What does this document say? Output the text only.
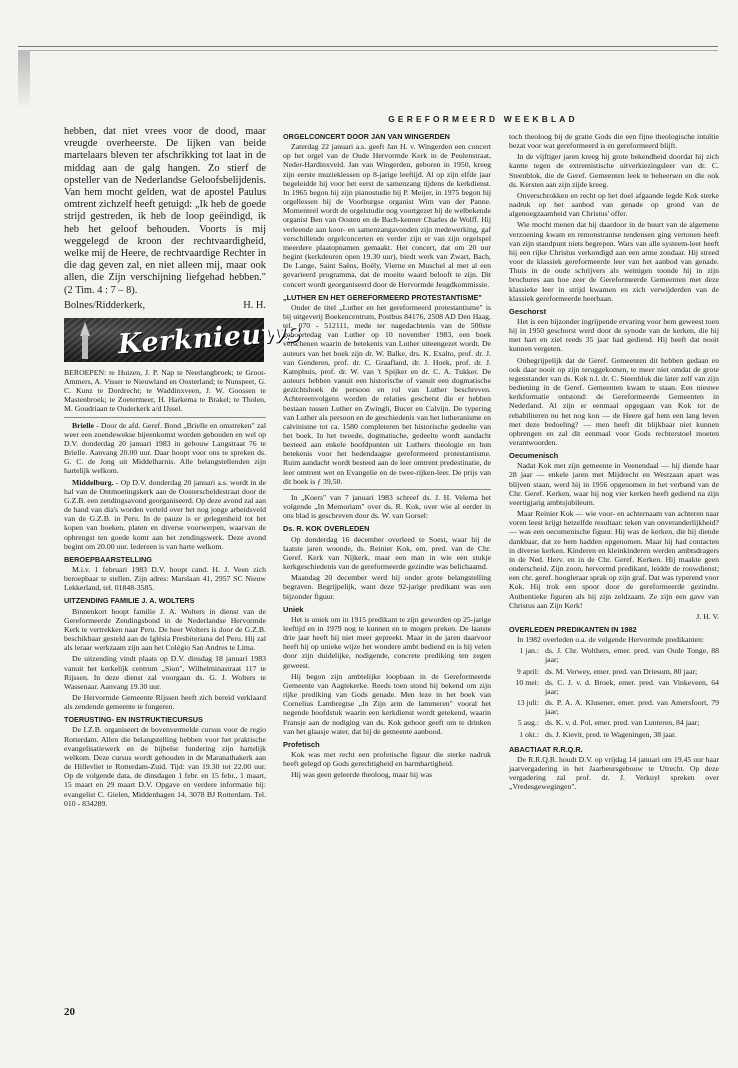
GEREFORMEERD WEEKBLAD

hebben, dat niet vrees voor de dood, maar vreugde overheerste. De lijken van beide martelaars bleven ter afschrikking tot laat in de middag aan de galg hangen. Zo stierf de opsteller van de Nederlandse Geloofsbelijdenis. Van hem mocht gelden, wat de apostel Paulus omtrent zichzelf heeft getuigd: „Ik heb de goede strijd gestreden, ik heb de loop geëindigd, ik heb het geloof behouden. Voorts is mij weggelegd de kroon der rechtvaardigheid, welke mij de Heere, de rechtvaardige Rechter in die dag geven zal, en niet alleen mij, maar ook allen, die Zijn verschijning liefgehad hebben." (2 Tim. 4 : 7 – 8).

Bolnes/Ridderkerk,	H. H.
Kerknieuws

BEROEPEN: te Huizen, J. P. Nap te Neerlangbroek; te Groot-Ammers, A. Visser te Nieuwland en Oosterland; te Nunspeet, G. C. Kunz te Dordrecht; te Waddinxveen, J. W. Goossen te Mastenbroek; te Zoetermeer, H. Harkema te Brakel; te Tholen, M. Goudriaan te Ouderkerk a/d IJssel.

Brielle - Door de afd. Geref. Bond „Brielle en omstreken" zal weer een zoendewekse bijeenkomst worden gehouden en wel op D.V. donderdag 20 januari 1983 in gebouw Langstraat 76 te Brielle. Aanvang 20.00 uur. Daar hoopt voor ons te spreken ds. G. C. de Jong uit Middelharnis. Alle belangstellenden zijn hartelijk welkom.

Middelburg. - Op D.V. donderdag 20 januari a.s. wordt in de hal van de Ontmoetingskerk aan de Oosterscheldestraat door de G.Z.B. een zendingsavond georganiseerd. Op deze avond zal aan de hand van dia's worden verteld over het nog jonge arbeidsveld van de G.Z.B. in Peru. In de pauze is er gelegenheid tot het kopen van boeken, platen en diverse voorwerpen, waarvan de opbrengst ten goede komt aan het zendingswerk. Deze avond begint om 20.00 uur. Iedereen is van harte welkom.

BEROEPBAARSTELLING

M.i.v. 1 februari 1983 D.V. hoopt cand. H. J. Veen zich beroepbaar te stellen. Zijn adres: Marslaan 41, 2957 SC Nieuw Lekkerland, tel. 01848-3585.

UITZENDING FAMILIE J. A. WOLTERS

Binnenkort hoopt familie J. A. Wolters in dienst van de Gereformeerde Zendingsbond in de Nederlandse Hervormde Kerk te vertrekken naar Peru. De heer Wolters is door de G.Z.B. beschikbaar gesteld aan de Iglésia Presbiteriana del Peru. Hij zal als leraar werkzaam zijn aan het Colégio San Andres te Lima.

De uitzending vindt plaats op D.V. dinsdag 18 januari 1983 vanuit het kerkelijk centrum „Sion", Wilhelminastraat 117 te Rijssen. In deze dienst zal voorgaan ds. G. J. Wolters te Wassenaar. Aanvang 19.30 uur.

De Hervormde Gemeente Rijssen heeft zich bereid verklaard als zendende gemeente te fungeren.

TOERUSTING- EN INSTRUKTIECURSUS

De I.Z.B. organiseert de bovenvermelde cursus voor de regio Rotterdam. Allen die belangstelling hebben voor het praktische evangelisatiewerk en de bijbelse fundering zijn hartelijk welkom. Deze cursus wordt gehouden in de Maranathakerk aan de Hillevliet te Rotterdam-Zuid. Tijd: van 19.30 tot 22.00 uur. Op de volgende data, de dinsdagen 1 febr. en 15 febr., 1 maart, 15 maart en 29 maart D.V. Opgave en verdere informatie bij: evangelist C. Gielen, Middenhagen 14, 3078 BJ Rotterdam. Tel. 010 - 834289.

ORGELCONCERT DOOR JAN VAN WINGERDEN

Zaterdag 22 januari a.s. geeft Jan H. v. Wingerden een concert op het orgel van de Oude Hervormde Kerk in de Peulenstraat, Neder-Hardinxveld. Jan van Wingerden, geboren in 1950, kreeg zijn eerste muzieklessen op 8-jarige leeftijd. Al op zijn elfde jaar begeleidde hij voor het eerst de samenzang tijdens de kerkdienst. In 1965 begon hij zijn pianostudie bij P. Meijer, in 1975 begon hij orgellessen bij de Voorburgse organist Wim van der Panne. Momenteel wordt de orgelstudie nog voortgezet bij de welbekende organist Ben van Oosten en de Bach-kenner Charles de Wolff. Hij verleende aan koor- en samenzangavonden zijn medewerking, gaf verschillende orgelconcerten en verder zijn er van zijn orgelspel meerdere plaatopnamen gemaakt. Het concert, dat om 20 uur begint (kerkdeuren open 19.30 uur), biedt werk van Zwart, Bach, De Lange, Saint Saëns, Boëly, Vierne en Muschel al met al een gevarieerd programma, dat de moeite waard belooft te zijn. Dit concert wordt georganiseerd door de Hervormde Jeugdkommissie.

„LUTHER EN HET GEREFORMEERD PROTESTANTISME"

Onder de titel „Luther en het gereformeerd protestantisme" is bij uitgeverij Boekencentrum, Postbus 84176, 2508 AD Den Haag, tel. 070 - 512111, mede ter nagedachtenis van de 500ste geboortedag van Luther op 10 november 1983, een boek verschenen waarin de betekenis van Luther uiteengezet wordt. De auteurs van het boek zijn dr. W. Balke, drs. K. Exalto, prof. dr. J. van Genderen, prof. dr. C. Graafland, dr. J. Hoek, prof. dr. J. Kamphuis, prof. dr. W. van 't Spijker en dr. C. A. Tukker. De auteurs hebben vanuit een historische of vanuit een dogmatische gezichtshoek de persoon en rol van Luther beschreven. Achtereenvolgens worden de relaties geschetst die er hebben bestaan tussen Luther en Zwingli, Bucer en Calvijn. De typering van Luther als persoon en de geschiedenis van het lutheranisme en calvinisme tot ca. 1580 completeren het historische gedeelte van het boek. In het tweede, dogmatische, gedeelte wordt aandacht besteed aan enkele hoofdpunten uit Luthers theologie en hun betekenis voor het hedendaagse gereformeerd protestantisme. Ruim aandacht wordt besteed aan de leer omtrent predestinatie, de leer omtrent wet en Evangelie en de twee-rijken-leer. De prijs van dit boek is ƒ 39,50.

In „Koers" van 7 januari 1983 schreef ds. J. H. Velema het volgende „In Memoriam" over ds. R. Kok, over wie al eerder in ons blad is geschreven door ds. W. van Gorsel:

Ds. R. KOK OVERLEDEN

Op donderdag 16 december overleed te Soest, waar hij de laatste jaren woonde, ds. Reinier Kok, em. pred. van de Chr. Geref. Kerk van Nijkerk, maar een man in wie een stukje kerkgeschiedenis van de gereformeerde gezindte was belichaamd.

Maandag 20 december werd hij onder grote belangstelling begraven. Begrijpelijk, want deze 92-jarige predikant was een bijzonder figuur.

Uniek

Het is uniek om in 1915 predikant te zijn geworden op 25-jarige leeftijd en in 1979 nog te kunnen en te mogen preken. De laatste drie jaar heeft hij niet meer gepreekt. Maar in de jaren daarvoor heeft hij op unieke wijze het wondere ambt bediend en is hij velen door zijn duidelijke, nodigende, concrete prediking ten zegen geweest.

Hij begon zijn ambtelijke loopbaan in de Gereformeerde Gemeente van Aagtekerke. Reeds toen stond hij bekend om zijn rijke prediking van Gods genade. Men leze in het boek van Cornelius Lambregtse „In Zijn arm de lammeren" vooral het negende hoofdstuk waarin een kerkdienst wordt getekend, waarin Fransje aan de nodiging van ds. Kok gehoor geeft om te drinken van het glaasje water, dat hij de gemeente aanbood.

Profetisch

Kok was met recht een profetische figuur die sterke nadruk heeft gelegd op Gods gerechtigheid en barmhartigheid.

Hij was geen geleerde theoloog, maar hij was

toch theoloog bij de gratie Gods die een fijne theologische intuïtie bezat voor wat gereformeerd is en gereformeerd blijft.

In de vijftiger jaren kreeg hij grote bekendheid doordat hij zich kantte tegen de extremistische uitverkiezingsleer van dr. C. Steenblok, die de Geref. Gemeenten leek te beheersen en die ook ds. Kersten aan zijn zijde kreeg.

Onverschrokken en recht op het doel afgaande legde Kok sterke nadruk op het aanbod van genade op grond van de algenoegzaamheid van Christus' offer.

Wie mocht menen dat hij daardoor in de buurt van de algemene verzoening kwam en remonstrantse tendensen ging vertonen heeft van zijn standpunt niets begrepen. Wars van alle systeem-leer heeft hij een rijke Christus verkondigd aan een arme zondaar. Hij streed voor de klassiek gereformeerde leer van het aanbod van genade. Thuis in de oude schrijvers als weinigen toonde hij in zijn brochures aan hoe zeer de Gereformeerde Gemeenten met deze klassieke leer in strijd kwamen en zich verwijderden van de klassiek gereformeerde heerbaan.

Geschorst

Het is een bijzonder ingrijpende ervaring voor hem geweest toen hij in 1950 geschorst werd door de synode van de kerken, die hij met hart en ziel reeds 35 jaar had gediend. Hij heeft dat nooit kunnen vergeten.

Onbegrijpelijk dat de Geref. Gemeenten dit hebben gedaan en ook daar nooit op zijn teruggekomen, te meer niet omdat de grote tegenstander van ds. Kok n.l. dr. C. Steenblok die later zelf van zijn bediening in de Geref. Gemeenten kwam te staan. Een nieuwe kerkformatie ontstond: de Gereformeerde Gemeenten in Nederland. Al zijn er eenmaal opgegaan van Kok tot de rehabiliteren nu het nog kon — de Heere gaf hem een lang leven met deze bedoeling? — men heeft dit blijkbaar niet kunnen opbrengen en zal dit eenmaal voor Gods rechterstoel moeten verantwoorden.

Oecumenisch

Nadat Kok met zijn gemeente in Veenendaal — hij diende haar 28 jaar — enkele jaren met Mijdrecht en Westzaan apart was blijven staan, werd hij in 1956 opgenomen in het verband van de Chr. Geref. Kerken, waar hij nog vier kerken heeft gediend na zijn veertigjarig ambtsjubileum.

Maar Reinier Kok — wie voor- en achternaam van achteren naar voren leest krijgt hetzelfde resultaat: teken van onveranderlijkheid? — was een oecumenische figuur. Hij was de kerken, die hij diende dankbaar, dat ze hem hadden opgenomen. Maar hij had contacten in diverse kerken. Kinderen en kleinkinderen werden ambtsdragers in de Ned. Herv. en in de Chr. Geref. Kerken. Hij maakte geen onderscheid. Zijn zoon, hervormd predikant, leidde de rouwdienst; een chr. geref. hoogleraar sprak op zijn graf. Dat was typerend voor Kok. Hij trok een spoor door de gereformeerde gezindte. Authentieke figuren als hij zijn zeldzaam. Ze zijn een gave van Christus aan Zijn Kerk!

J. H. V.
OVERLEDEN PREDIKANTEN IN 1982

In 1982 overleden o.a. de volgende Hervormde predikanten:

1 jan.:	ds. J. Chr. Wolthers, emer. pred. van Oude Tonge, 88 jaar;
9 april:	ds. M. Verwey, emer. pred. van Driesum, 80 jaar;
10 mei:	ds. C. J. v. d. Broek, emer. pred. van Vinkeveen, 64 jaar;
13 juli:	ds. P. A. A. Klusener, emer. pred. van Amersfoort, 79 jaar;
5 aug.:	ds. K. v. d. Pol, emer. pred. van Lunteren, 84 jaar;
1 okt.:	ds. J. Kievit, pred. te Wageningen, 38 jaar.
ABACTIAAT R.R.Q.R.

De R.R.Q.R. houdt D.V. op vrijdag 14 januari om 19.45 uur haar jaarvergadering in het Jaarbeursgebouw te Utrecht. Op deze vergadering zal prof. dr. J. Verkuyl spreken over „Vredesgewegingen".

20
